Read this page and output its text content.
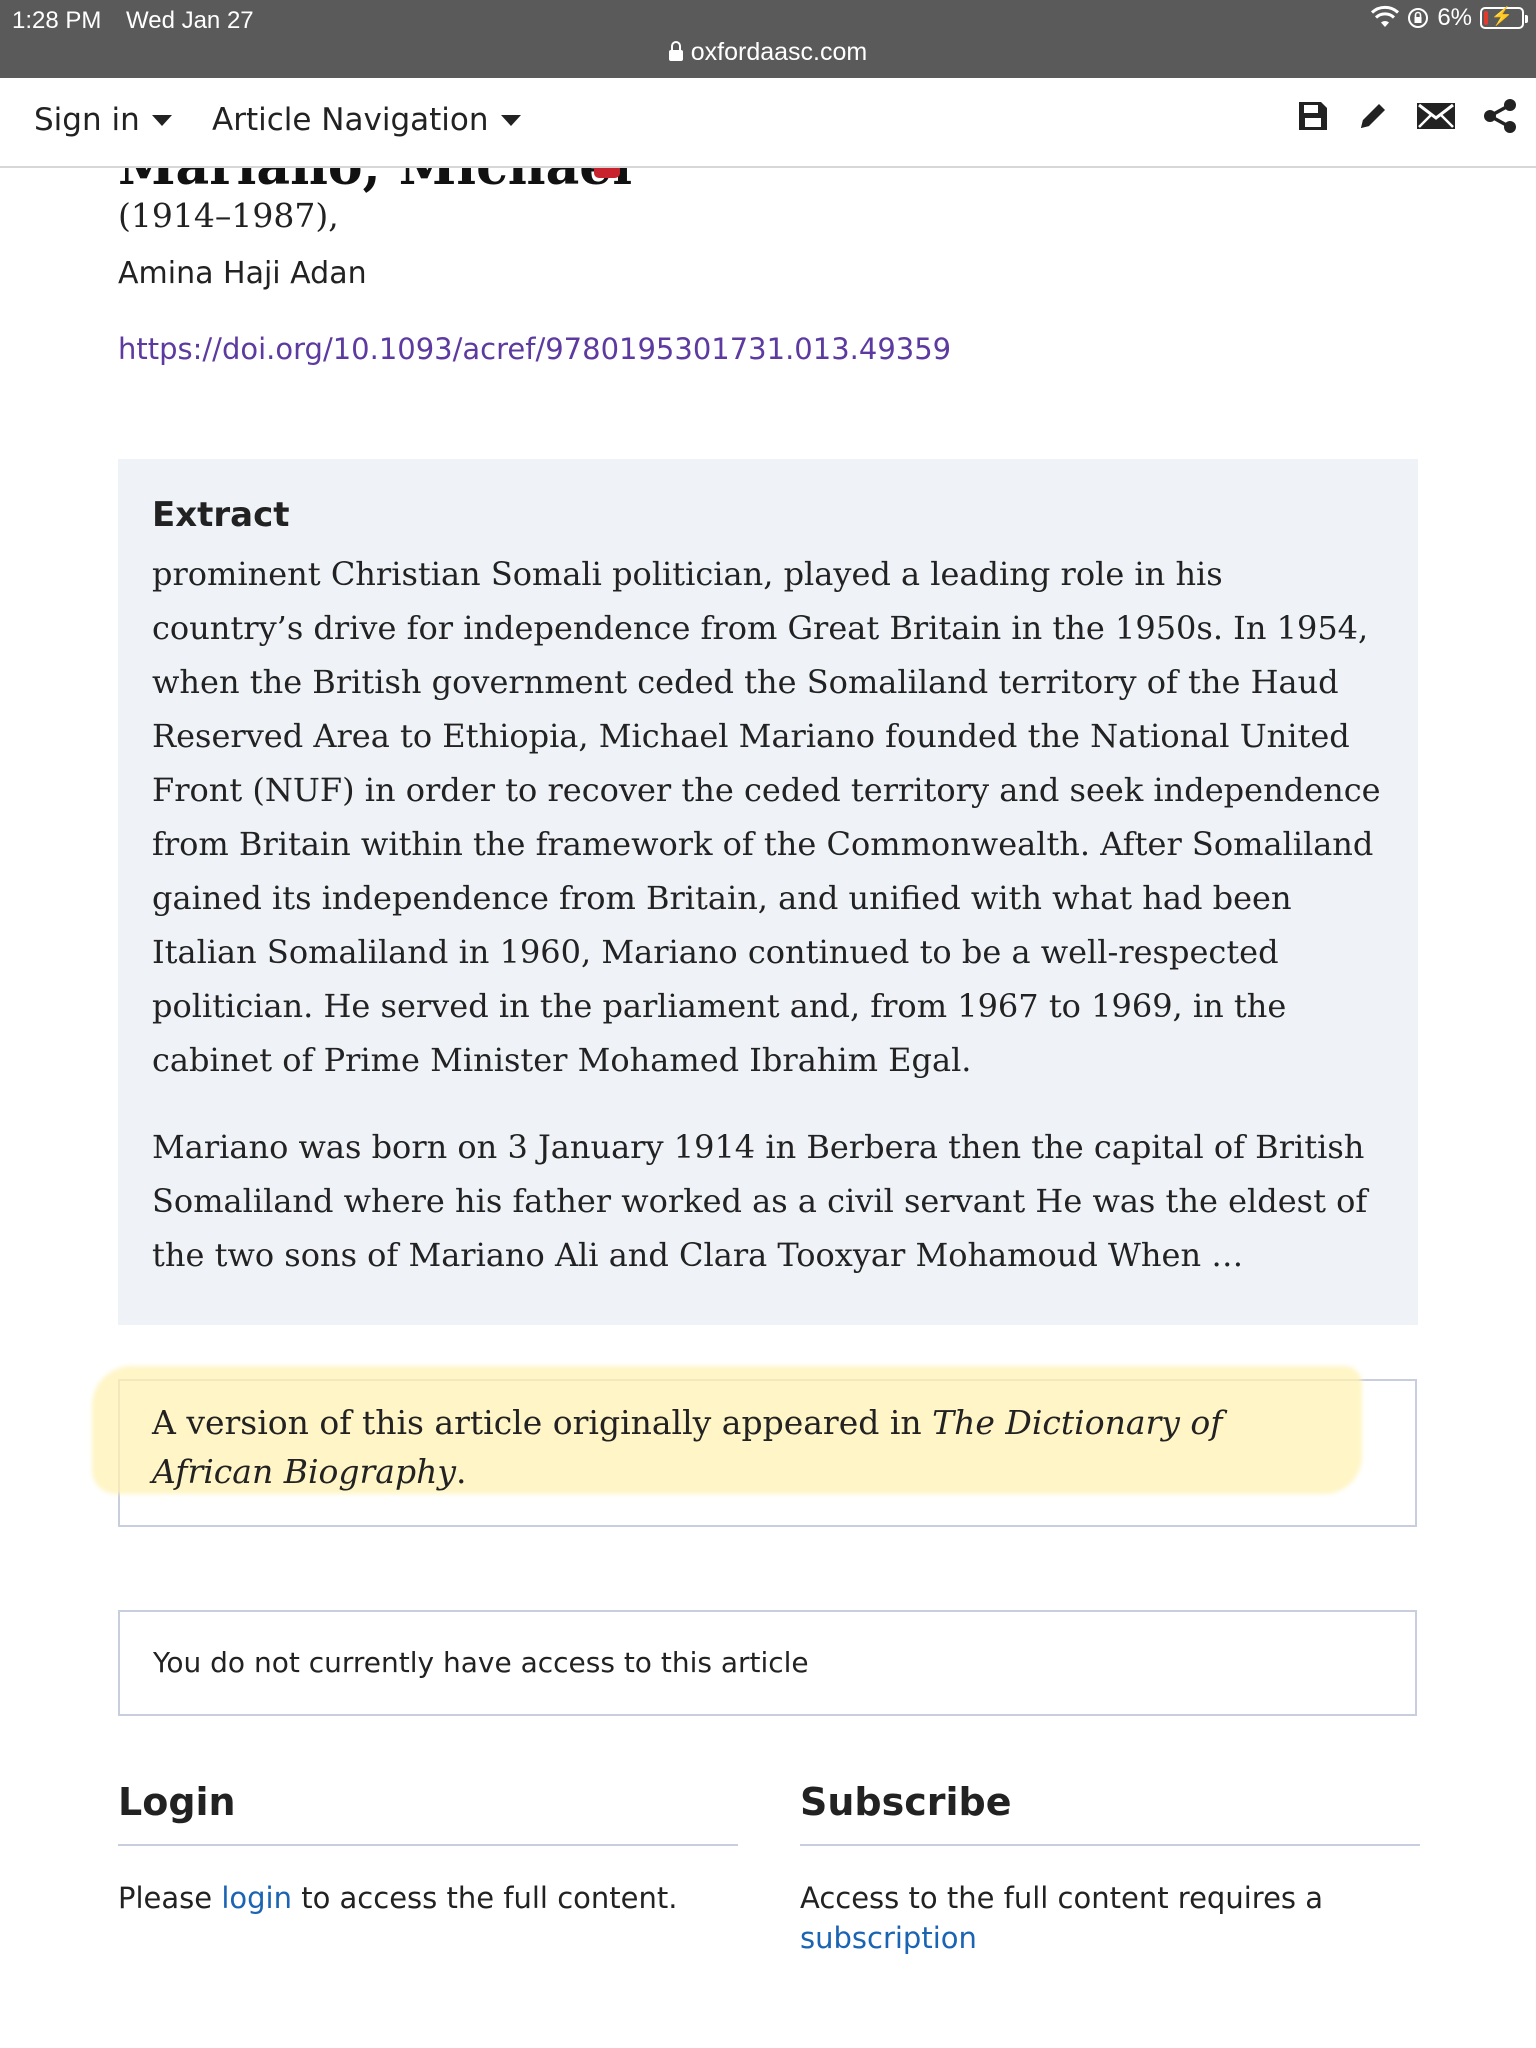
1:28 PM Wed Jan 27
oxfordaasc.com
6%	⚡
Sign in Article Navigation
(1914–1987),
Amina Haji Adan
https://doi.org/10.1093/acref/9780195301731.013.49359
Extract

prominent Christian Somali politician, played a leading role in his country’s drive for independence from Great Britain in the 1950s. In 1954, when the British government ceded the Somaliland territory of the Haud Reserved Area to Ethiopia, Michael Mariano founded the National United Front (NUF) in order to recover the ceded territory and seek independence from Britain within the framework of the Commonwealth. After Somaliland gained its independence from Britain, and unified with what had been Italian Somaliland in 1960, Mariano continued to be a well-respected politician. He served in the parliament and, from 1967 to 1969, in the cabinet of Prime Minister Mohamed Ibrahim Egal.

Mariano was born on 3 January 1914 in Berbera then the capital of British Somaliland where his father worked as a civil servant He was the eldest of the two sons of Mariano Ali and Clara Tooxyar Mohamoud When …

A version of this article originally appeared in The Dictionary of African Biography.
You do not currently have access to this article
Login
Please login to access the full content.
Subscribe
Access to the full content requires a
subscription
